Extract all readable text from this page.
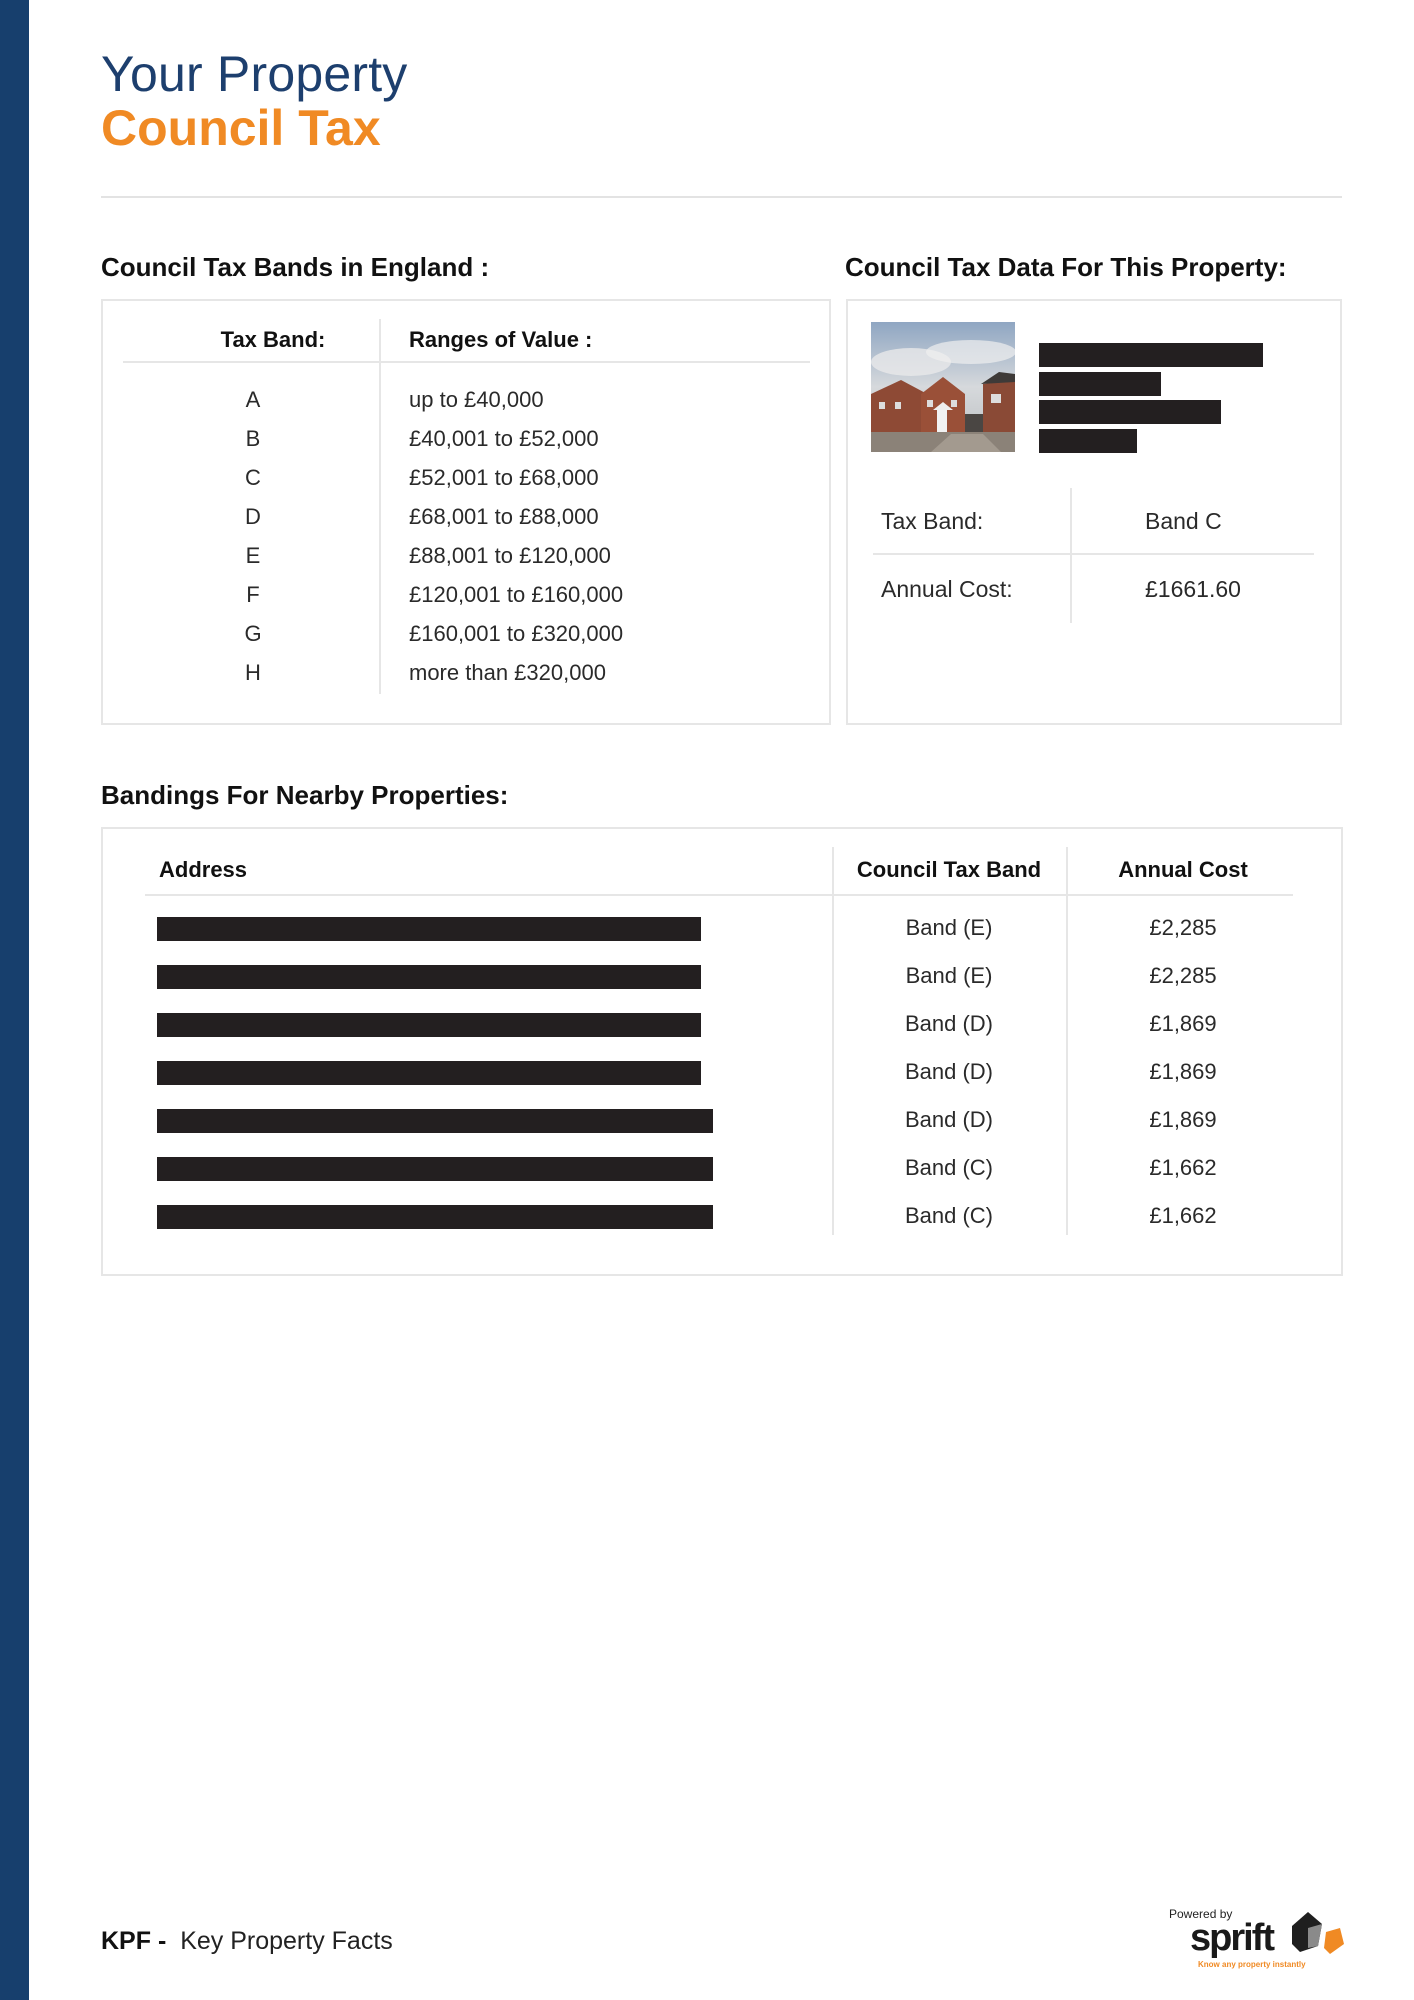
Your Property
Council Tax
Council Tax Bands in England :
Tax Band:	Ranges of Value :
A	up to £40,000
B	£40,001 to £52,000
C	£52,001 to £68,000
D	£68,001 to £88,000
E	£88,001 to £120,000
F	£120,001 to £160,000
G	£160,001 to £320,000
H	more than £320,000
Council Tax Data For This Property:
Tax Band:	Band C
Annual Cost:	£1661.60
Bandings For Nearby Properties:
Address	Council Tax Band	Annual Cost
Band (E)	£2,285
Band (E)	£2,285
Band (D)	£1,869
Band (D)	£1,869
Band (D)	£1,869
Band (C)	£1,662
Band (C)	£1,662
KPF - Key Property Facts
Powered by
sprift
Know any property instantly
